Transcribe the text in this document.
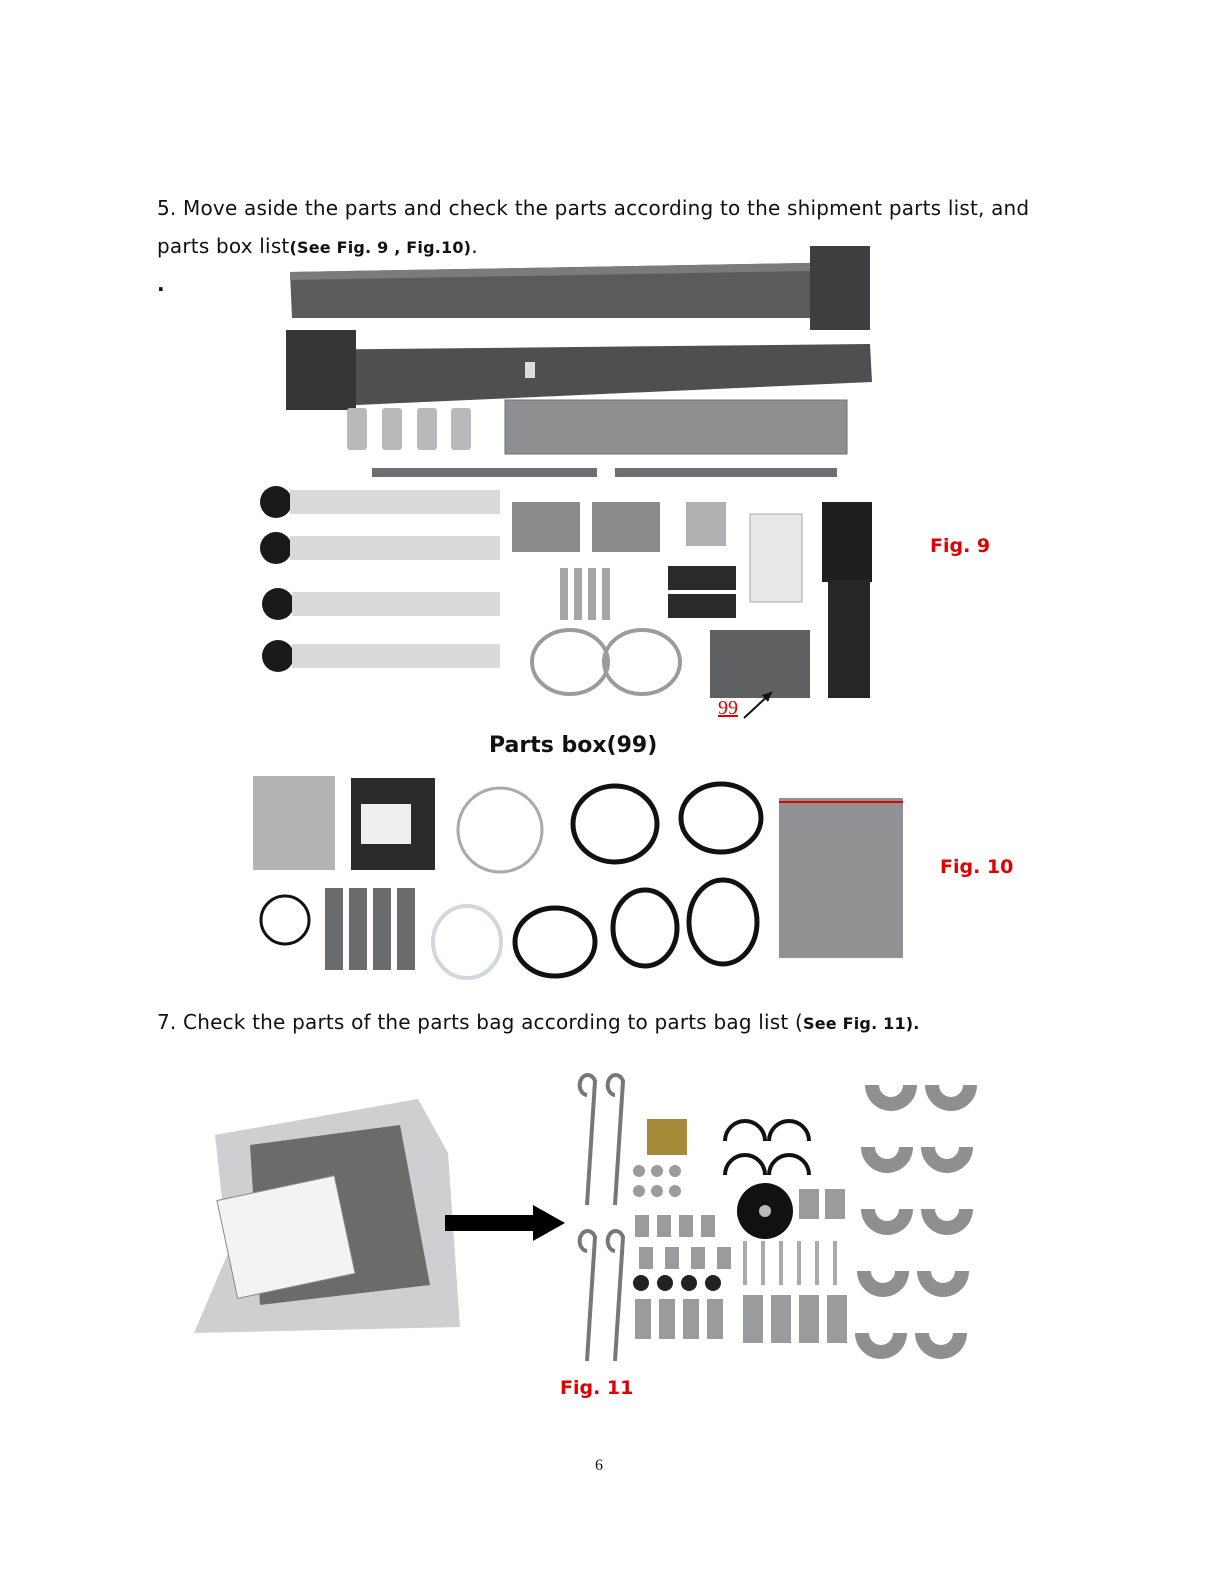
5. Move aside the parts and check the parts according to the shipment parts list, and
parts box list(See Fig. 9 , Fig.10).
.
99
Fig. 9
Parts box(99)
Fig. 10
7. Check the parts of the parts bag according to parts bag list (See Fig. 11).
Fig. 11
6
